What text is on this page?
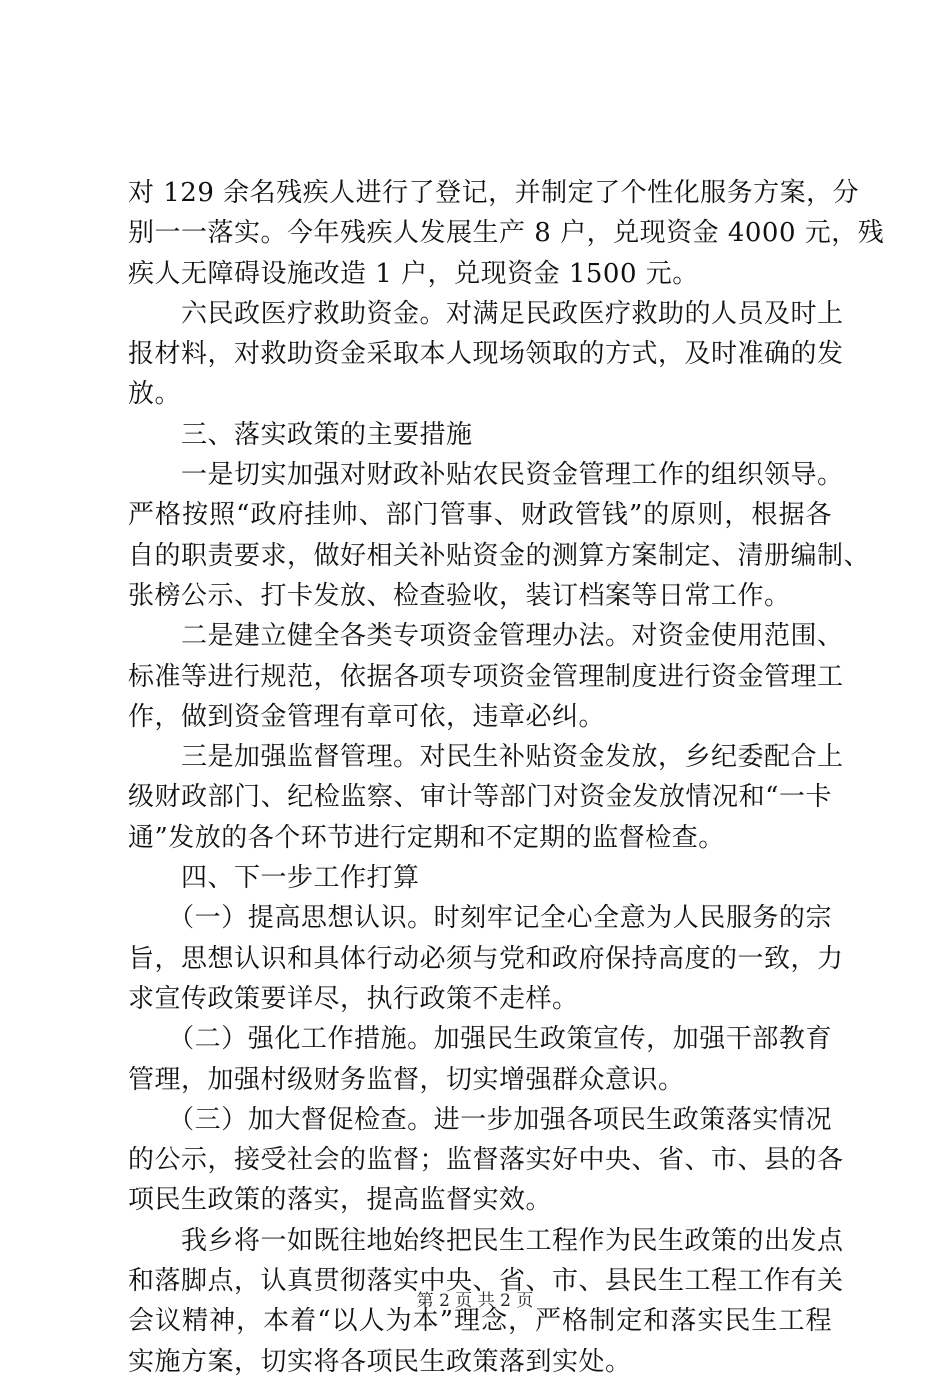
对 129 余名残疾人进行了登记，并制定了个性化服务方案，分
别一一落实。今年残疾人发展生产 8 户，兑现资金 4000 元，残
疾人无障碍设施改造 1 户，兑现资金 1500 元。
　　六民政医疗救助资金。对满足民政医疗救助的人员及时上
报材料，对救助资金采取本人现场领取的方式，及时准确的发
放。
　　三、落实政策的主要措施
　　一是切实加强对财政补贴农民资金管理工作的组织领导。
严格按照“政府挂帅、部门管事、财政管钱”的原则，根据各
自的职责要求，做好相关补贴资金的测算方案制定、清册编制、
张榜公示、打卡发放、检查验收，装订档案等日常工作。
　　二是建立健全各类专项资金管理办法。对资金使用范围、
标准等进行规范，依据各项专项资金管理制度进行资金管理工
作，做到资金管理有章可依，违章必纠。
　　三是加强监督管理。对民生补贴资金发放，乡纪委配合上
级财政部门、纪检监察、审计等部门对资金发放情况和“一卡
通”发放的各个环节进行定期和不定期的监督检查。
　　四、下一步工作打算
　　（一）提高思想认识。时刻牢记全心全意为人民服务的宗
旨，思想认识和具体行动必须与党和政府保持高度的一致，力
求宣传政策要详尽，执行政策不走样。
　　（二）强化工作措施。加强民生政策宣传，加强干部教育
管理，加强村级财务监督，切实增强群众意识。
　　（三）加大督促检查。进一步加强各项民生政策落实情况
的公示，接受社会的监督；监督落实好中央、省、市、县的各
项民生政策的落实，提高监督实效。
　　我乡将一如既往地始终把民生工程作为民生政策的出发点
和落脚点，认真贯彻落实中央、省、市、县民生工程工作有关
会议精神，本着“以人为本”理念，严格制定和落实民生工程
实施方案，切实将各项民生政策落到实处。
第 2 页 共 2 页
